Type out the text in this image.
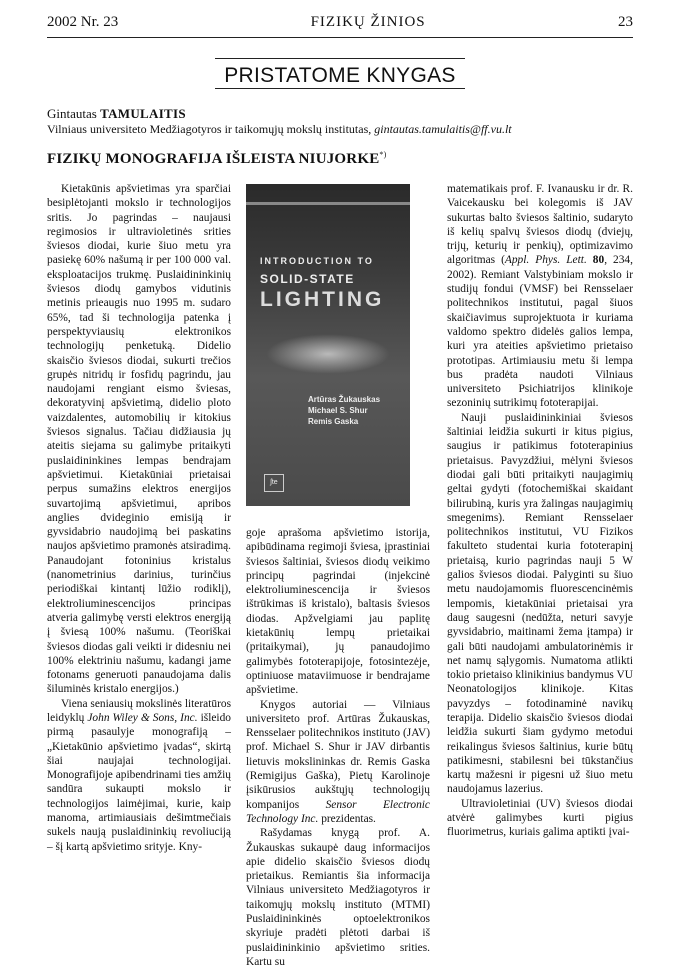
2002 Nr. 23	FIZIKŲ ŽINIOS	23
PRISTATOME KNYGAS
Gintautas TAMULAITIS
Vilniaus universiteto Medžiagotyros ir taikomųjų mokslų institutas, gintautas.tamulaitis@ff.vu.lt
FIZIKŲ MONOGRAFIJA IŠLEISTA NIUJORKE*)

Kietakūnis apšvietimas yra sparčiai besiplėtojanti mokslo ir technologijos sritis. Jo pagrindas – naujausi regimosios ir ultravioletinės srities šviesos diodai, kurie šiuo metu yra pasiekę 60% našumą ir per 100 000 val. eksploatacijos trukmę. Puslaidininkinių šviesos diodų gamybos vidutinis metinis prieaugis nuo 1995 m. sudaro 65%, tad ši technologija patenka į perspektyviausių elektronikos technologijų penketuką. Didelio skaisčio šviesos diodai, sukurti trečios grupės nitridų ir fosfidų pagrindu, jau naudojami rengiant eismo šviesas, dekoratyvinį apšvietimą, didelio ploto vaizdalentes, automobilių ir kitokius šviesos signalus. Tačiau didžiausia jų ateitis siejama su galimybe pritaikyti puslaidininkines lempas bendrajam apšvietimui. Kietakūniai prietaisai perpus sumažins elektros energijos suvartojimą apšvietimui, apribos anglies dvideginio emisiją ir gyvsidabrio naudojimą bei paskatins naujos apšvietimo pramonės atsiradimą. Panaudojant fotoninius kristalus (nanometrinius darinius, turinčius periodiškai kintantį lūžio rodiklį), elektroliuminescencijos principas atveria galimybę versti elektros energiją į šviesą 100% našumu. (Teoriškai šviesos diodas gali veikti ir didesniu nei 100% elektriniu našumu, kadangi jame fotonams generuoti panaudojama dalis šiluminės kristalo energijos.)

Viena seniausių mokslinės literatūros leidyklų John Wiley & Sons, Inc. išleido pirmą pasaulyje monografiją – „Kietakūnio apšvietimo įvadas“, skirtą šiai naujajai technologijai. Monografijoje apibendrinami ties amžių sandūra sukaupti mokslo ir technologijos laimėjimai, kurie, kaip manoma, artimiausiais dešimtmečiais sukels naują puslaidininkių revoliuciją – šį kartą apšvietimo srityje. Kny-

INTRODUCTION TO
SOLID-STATE
LIGHTING
Artūras Žukauskas
Michael S. Shur
Remis Gaska
ʃte

goje aprašoma apšvietimo istorija, apibūdinama regimoji šviesa, įprastiniai šviesos šaltiniai, šviesos diodų veikimo principų pagrindai (injekcinė elektroliuminescencija ir šviesos ištrūkimas iš kristalo), baltasis šviesos diodas. Apžvelgiami jau paplitę kietakūnių lempų prietaikai (pritaikymai), jų panaudojimo galimybės fototerapijoje, fotosintezėje, optiniuose mataviimuose ir bendrajame apšvietime.

Knygos autoriai — Vilniaus universiteto prof. Artūras Žukauskas, Rensselaer politechnikos instituto (JAV) prof. Michael S. Shur ir JAV dirbantis lietuvis mokslininkas dr. Remis Gaska (Remigijus Gaška), Pietų Karolinoje įsikūrusios aukštųjų technologijų kompanijos Sensor Electronic Technology Inc. prezidentas.

Rašydamas knygą prof. A. Žukauskas sukaupė daug informacijos apie didelio skaisčio šviesos diodų prietaikus. Remiantis šia informacija Vilniaus universiteto Medžiagotyros ir taikomųjų mokslų instituto (MTMI) Puslaidininkinės optoelektronikos skyriuje pradėti plėtoti darbai iš puslaidininkinio apšvietimo srities. Kartu su

matematikais prof. F. Ivanausku ir dr. R. Vaicekausku bei kolegomis iš JAV sukurtas balto šviesos šaltinio, sudaryto iš kelių spalvų šviesos diodų (dviejų, trijų, keturių ir penkių), optimizavimo algoritmas (Appl. Phys. Lett. 80, 234, 2002). Remiant Valstybiniam mokslo ir studijų fondui (VMSF) bei Rensselaer politechnikos institutui, pagal šiuos skaičiavimus suprojektuota ir kuriama valdomo spektro didelės galios lempa, kuri yra ateities apšvietimo prietaiso prototipas. Artimiausiu metu ši lempa bus pradėta naudoti Vilniaus universiteto Psichiatrijos klinikoje sezoninių sutrikimų fototerapijai.

Nauji puslaidininkiniai šviesos šaltiniai leidžia sukurti ir kitus pigius, saugius ir patikimus fototerapinius prietaisus. Pavyzdžiui, mėlyni šviesos diodai gali būti pritaikyti naujagimių geltai gydyti (fotochemiškai skaidant bilirubiną, kuris yra žalingas naujagimių smegenims). Remiant Rensselaer politechnikos institutui, VU Fizikos fakulteto studentai kuria fototerapinį prietaisą, kurio pagrindas nauji 5 W galios šviesos diodai. Palyginti su šiuo metu naudojamomis fluorescencinėmis lempomis, kietakūniai prietaisai yra daug saugesni (nedūžta, neturi savyje gyvsidabrio, maitinami žema įtampa) ir gali būti naudojami ambulatorinėmis ir net namų sąlygomis. Numatoma atlikti tokio prietaiso klinikinius bandymus VU Neonatologijos klinikoje. Kitas pavyzdys – fotodinaminė navikų terapija. Didelio skaisčio šviesos diodai leidžia sukurti šiam gydymo metodui reikalingus šviesos šaltinius, kurie būtų patikimesni, stabilesni bei tūkstančius kartų mažesni ir pigesni už šiuo metu naudojamus lazerius.

Ultravioletiniai (UV) šviesos diodai atvėrė galimybes kurti pigius fluorimetrus, kuriais galima aptikti įvai-
